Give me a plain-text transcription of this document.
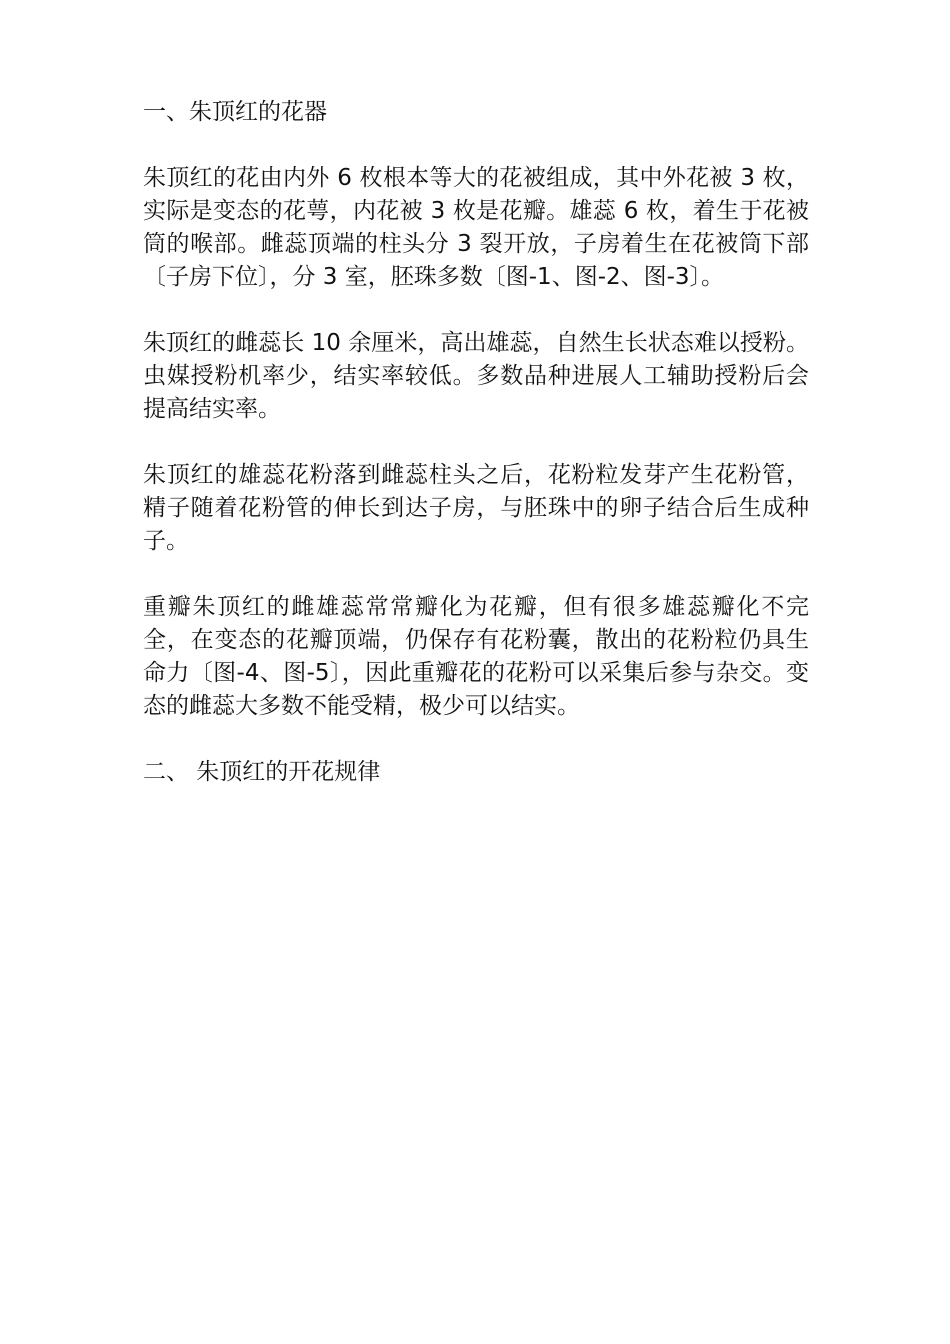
一、朱顶红的花器

朱顶红的花由内外 6 枚根本等大的花被组成，其中外花被 3 枚，实际是变态的花萼，内花被 3 枚是花瓣。雄蕊 6 枚，着生于花被筒的喉部。雌蕊顶端的柱头分 3 裂开放，子房着生在花被筒下部〔子房下位〕，分 3 室，胚珠多数〔图-1、图-2、图-3〕。

朱顶红的雌蕊长 10 余厘米，高出雄蕊，自然生长状态难以授粉。虫媒授粉机率少，结实率较低。多数品种进展人工辅助授粉后会提高结实率。

朱顶红的雄蕊花粉落到雌蕊柱头之后，花粉粒发芽产生花粉管，精子随着花粉管的伸长到达子房，与胚珠中的卵子结合后生成种子。

重瓣朱顶红的雌雄蕊常常瓣化为花瓣，但有很多雄蕊瓣化不完全，在变态的花瓣顶端，仍保存有花粉囊，散出的花粉粒仍具生命力〔图-4、图-5〕，因此重瓣花的花粉可以采集后参与杂交。变态的雌蕊大多数不能受精，极少可以结实。

二、 朱顶红的开花规律
